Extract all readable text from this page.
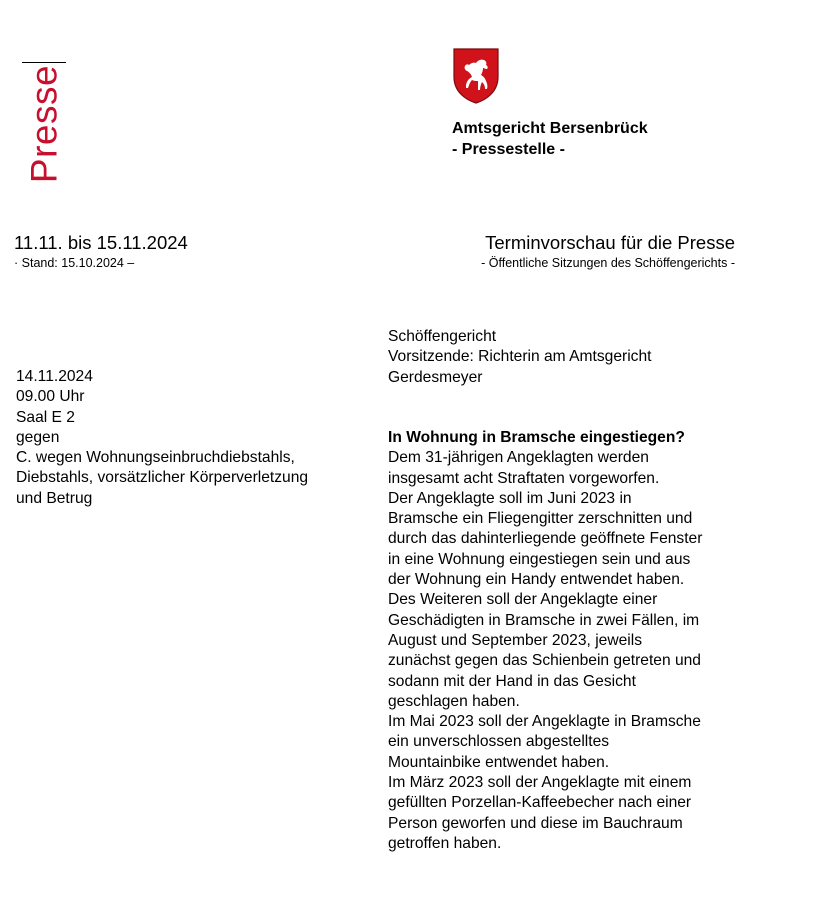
Presse	Amtsgericht Bersenbrück
- Pressestelle -
11.11. bis 15.11.2024
· Stand: 15.10.2024 –
Terminvorschau für die Presse
- Öffentliche Sitzungen des Schöffengerichts -
14.11.2024
09.00 Uhr
Saal E 2
gegen
C. wegen Wohnungseinbruchdiebstahls,
Diebstahls, vorsätzlicher Körperverletzung
und Betrug
Schöffengericht
Vorsitzende: Richterin am Amtsgericht
Gerdesmeyer
In Wohnung in Bramsche eingestiegen?
Dem 31-jährigen Angeklagten werden
insgesamt acht Straftaten vorgeworfen.
Der Angeklagte soll im Juni 2023 in
Bramsche ein Fliegengitter zerschnitten und
durch das dahinterliegende geöffnete Fenster
in eine Wohnung eingestiegen sein und aus
der Wohnung ein Handy entwendet haben.
Des Weiteren soll der Angeklagte einer
Geschädigten in Bramsche in zwei Fällen, im
August und September 2023, jeweils
zunächst gegen das Schienbein getreten und
sodann mit der Hand in das Gesicht
geschlagen haben.
Im Mai 2023 soll der Angeklagte in Bramsche
ein unverschlossen abgestelltes
Mountainbike entwendet haben.
Im März 2023 soll der Angeklagte mit einem
gefüllten Porzellan-Kaffeebecher nach einer
Person geworfen und diese im Bauchraum
getroffen haben.
